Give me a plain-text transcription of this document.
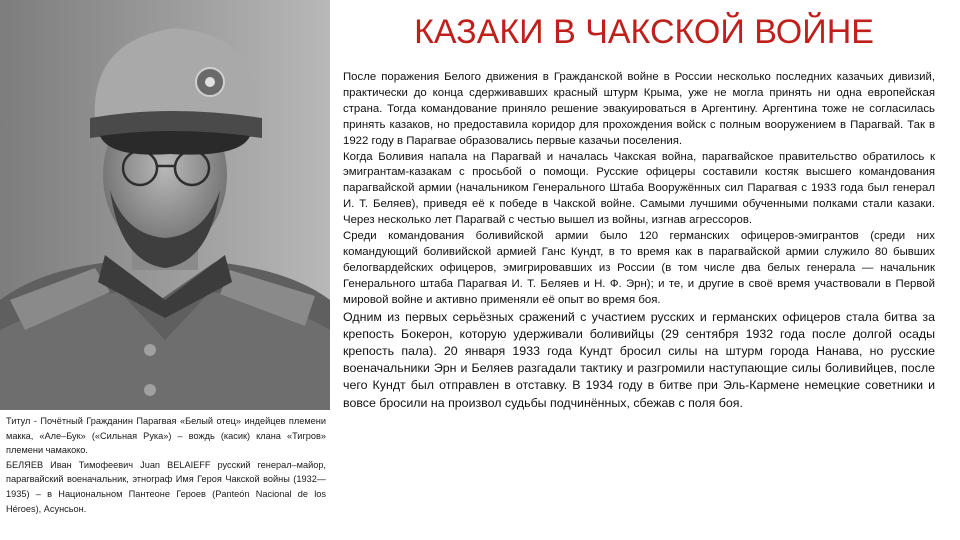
Титул - Почётный Гражданин Парагвая «Белый отец» индейцев племени макка, «Але–Бук» («Сильная Рука») – вождь (касик) клана «Тигров» племени чамакоко.

БЕЛЯЕВ Иван Тимофеевич Juan BELAIEFF русский генерал–майор, парагвайский военачальник, этнограф Имя Героя Чакской войны (1932—1935) – в Национальном Пантеоне Героев (Panteón Nacional de los Héroes), Асунсьон.

КАЗАКИ В ЧАКСКОЙ ВОЙНЕ

После поражения Белого движения в Гражданской войне в России несколько последних казачьих дивизий, практически до конца сдерживавших красный штурм Крыма, уже не могла принять ни одна европейская страна. Тогда командование приняло решение эвакуироваться в Аргентину. Аргентина тоже не согласилась принять казаков, но предоставила коридор для прохождения войск с полным вооружением в Парагвай. Так в 1922 году в Парагвае образовались первые казачьи поселения.

Когда Боливия напала на Парагвай и началась Чакская война, парагвайское правительство обратилось к эмигрантам-казакам с просьбой о помощи. Русские офицеры составили костяк высшего командования парагвайской армии (начальником Генерального Штаба Вооружённых сил Парагвая с 1933 года был генерал И. Т. Беляев), приведя её к победе в Чакской войне. Самыми лучшими обученными полками стали казаки. Через несколько лет Парагвай с честью вышел из войны, изгнав агрессоров.

Среди командования боливийской армии было 120 германских офицеров-эмигрантов (среди них командующий боливийской армией Ганс Кундт, в то время как в парагвайской армии служило 80 бывших белогвардейских офицеров, эмигрировавших из России (в том числе два белых генерала — начальник Генерального штаба Парагвая И. Т. Беляев и Н. Ф. Эрн); и те, и другие в своё время участвовали в Первой мировой войне и активно применяли её опыт во время боя.

Одним из первых серьёзных сражений с участием русских и германских офицеров стала битва за крепость Бокерон, которую удерживали боливийцы (29 сентября 1932 года после долгой осады крепость пала). 20 января 1933 года Кундт бросил силы на штурм города Нанава, но русские военачальники Эрн и Беляев разгадали тактику и разгромили наступающие силы боливийцев, после чего Кундт был отправлен в отставку. В 1934 году в битве при Эль-Кармене немецкие советники и вовсе бросили на произвол судьбы подчинённых, сбежав с поля боя.
